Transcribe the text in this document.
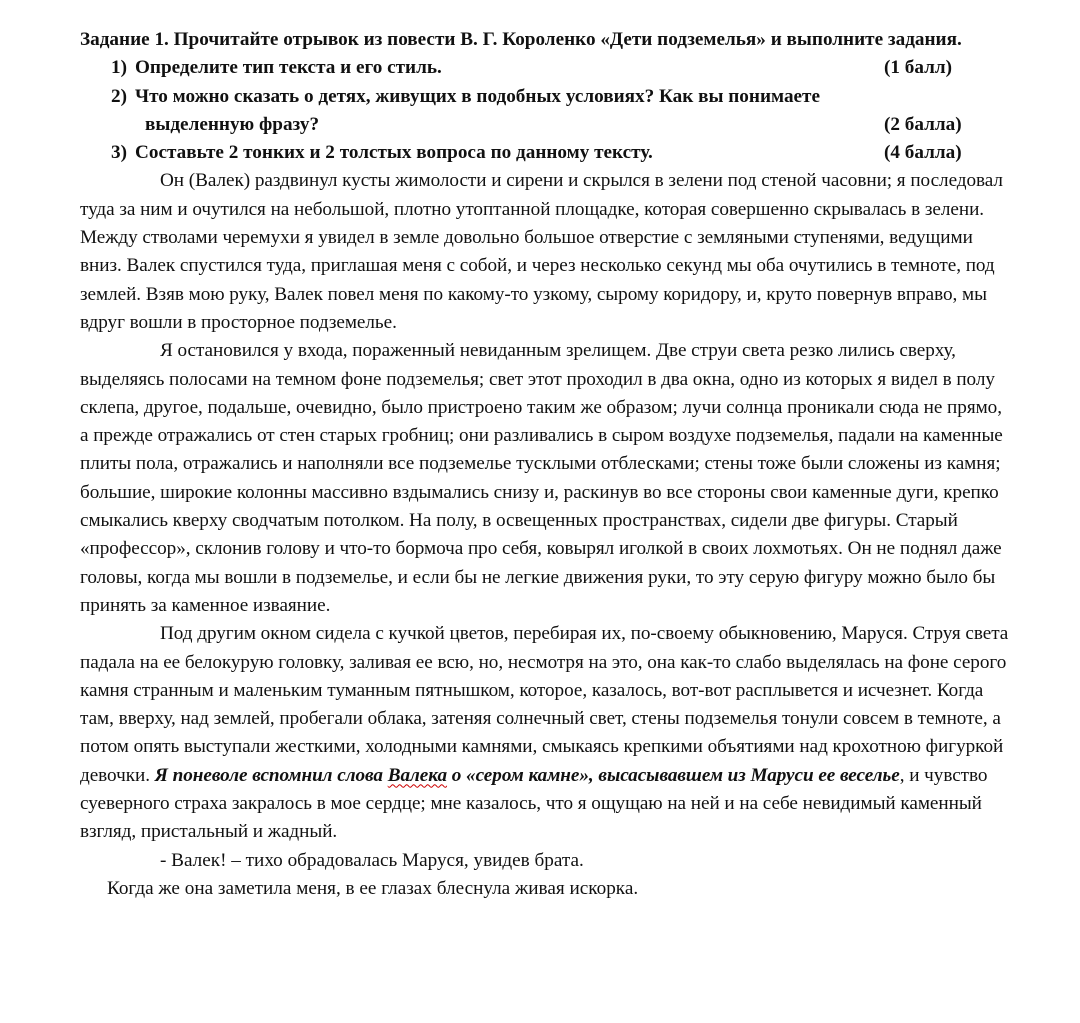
Задание 1. Прочитайте отрывок из повести В. Г. Короленко «Дети подземелья» и выполните задания.

1) Определите тип текста и его стиль.	(1 балл)
2) Что можно сказать о детях, живущих в подобных условиях? Как вы понимаете
выделенную фразу?	(2 балла)
3) Составьте 2 тонких и 2 толстых вопроса по данному тексту.	(4 балла)

Он (Валек) раздвинул кусты жимолости и сирени и скрылся в зелени под стеной часовни; я последовал туда за ним и очутился на небольшой, плотно утоптанной площадке, которая совершенно скрывалась в зелени. Между стволами черемухи я увидел в земле довольно большое отверстие с земляными ступенями, ведущими вниз. Валек спустился туда, приглашая меня с собой, и через несколько секунд мы оба очутились в темноте, под землей. Взяв мою руку, Валек повел меня по какому-то узкому, сырому коридору, и, круто повернув вправо, мы вдруг вошли в просторное подземелье.

Я остановился у входа, пораженный невиданным зрелищем. Две струи света резко лились сверху, выделяясь полосами на темном фоне подземелья; свет этот проходил в два окна, одно из которых я видел в полу склепа, другое, подальше, очевидно, было пристроено таким же образом; лучи солнца проникали сюда не прямо, а прежде отражались от стен старых гробниц; они разливались в сыром воздухе подземелья, падали на каменные плиты пола, отражались и наполняли все подземелье тусклыми отблесками; стены тоже были сложены из камня; большие, широкие колонны массивно вздымались снизу и, раскинув во все стороны свои каменные дуги, крепко смыкались кверху сводчатым потолком. На полу, в освещенных пространствах, сидели две фигуры. Старый «профессор», склонив голову и что-то бормоча про себя, ковырял иголкой в своих лохмотьях. Он не поднял даже головы, когда мы вошли в подземелье, и если бы не легкие движения руки, то эту серую фигуру можно было бы принять за каменное изваяние.

Под другим окном сидела с кучкой цветов, перебирая их, по-своему обыкновению, Маруся. Струя света падала на ее белокурую головку, заливая ее всю, но, несмотря на это, она как-то слабо выделялась на фоне серого камня странным и маленьким туманным пятнышком, которое, казалось, вот-вот расплывется и исчезнет. Когда там, вверху, над землей, пробегали облака, затеняя солнечный свет, стены подземелья тонули совсем в темноте, а потом опять выступали жесткими, холодными камнями, смыкаясь крепкими объятиями над крохотною фигуркой девочки. Я поневоле вспомнил слова Валека о «сером камне», высасывавшем из Маруси ее веселье, и чувство суеверного страха закралось в мое сердце; мне казалось, что я ощущаю на ней и на себе невидимый каменный взгляд, пристальный и жадный.

- Валек! – тихо обрадовалась Маруся, увидев брата.

Когда же она заметила меня, в ее глазах блеснула живая искорка.
